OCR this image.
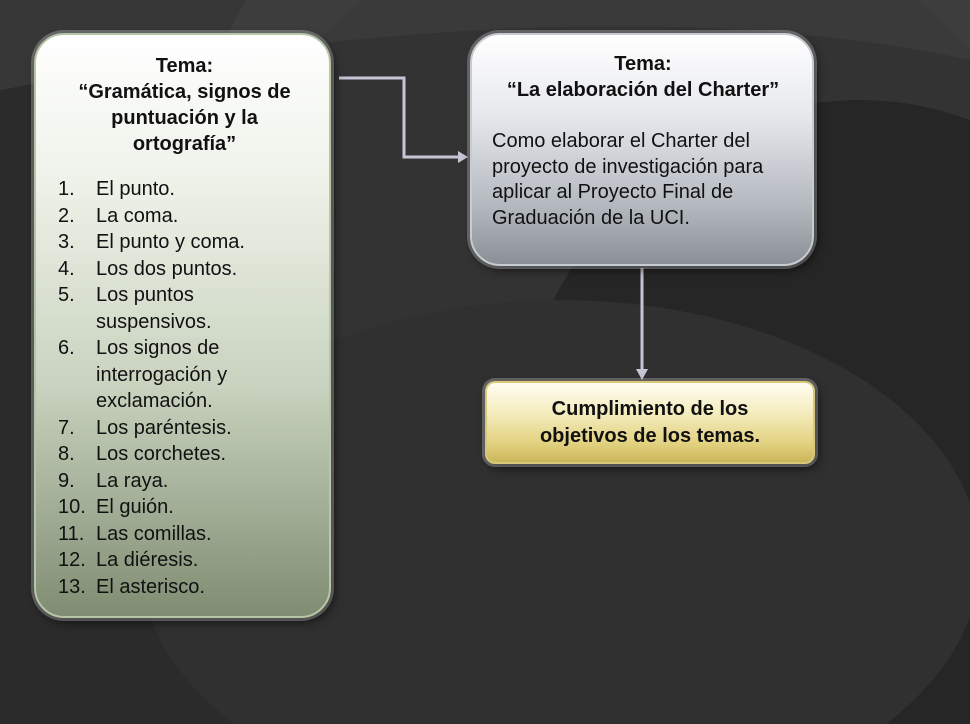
Tema:
“Gramática, signos de
puntuación y la
ortografía”
1.	El punto.
2.	La coma.
3.	El punto y coma.
4.	Los dos puntos.
5.	Los puntos suspensivos.
6.	Los signos de interrogación y exclamación.
7.	Los paréntesis.
8.	Los corchetes.
9.	La raya.
10. El guión.
11. Las comillas.
12. La diéresis.
13. El asterisco.
Tema:
“La elaboración del Charter”
Como elaborar el Charter del proyecto de investigación para aplicar al Proyecto Final de Graduación de la UCI.
Cumplimiento de los objetivos de los temas.
